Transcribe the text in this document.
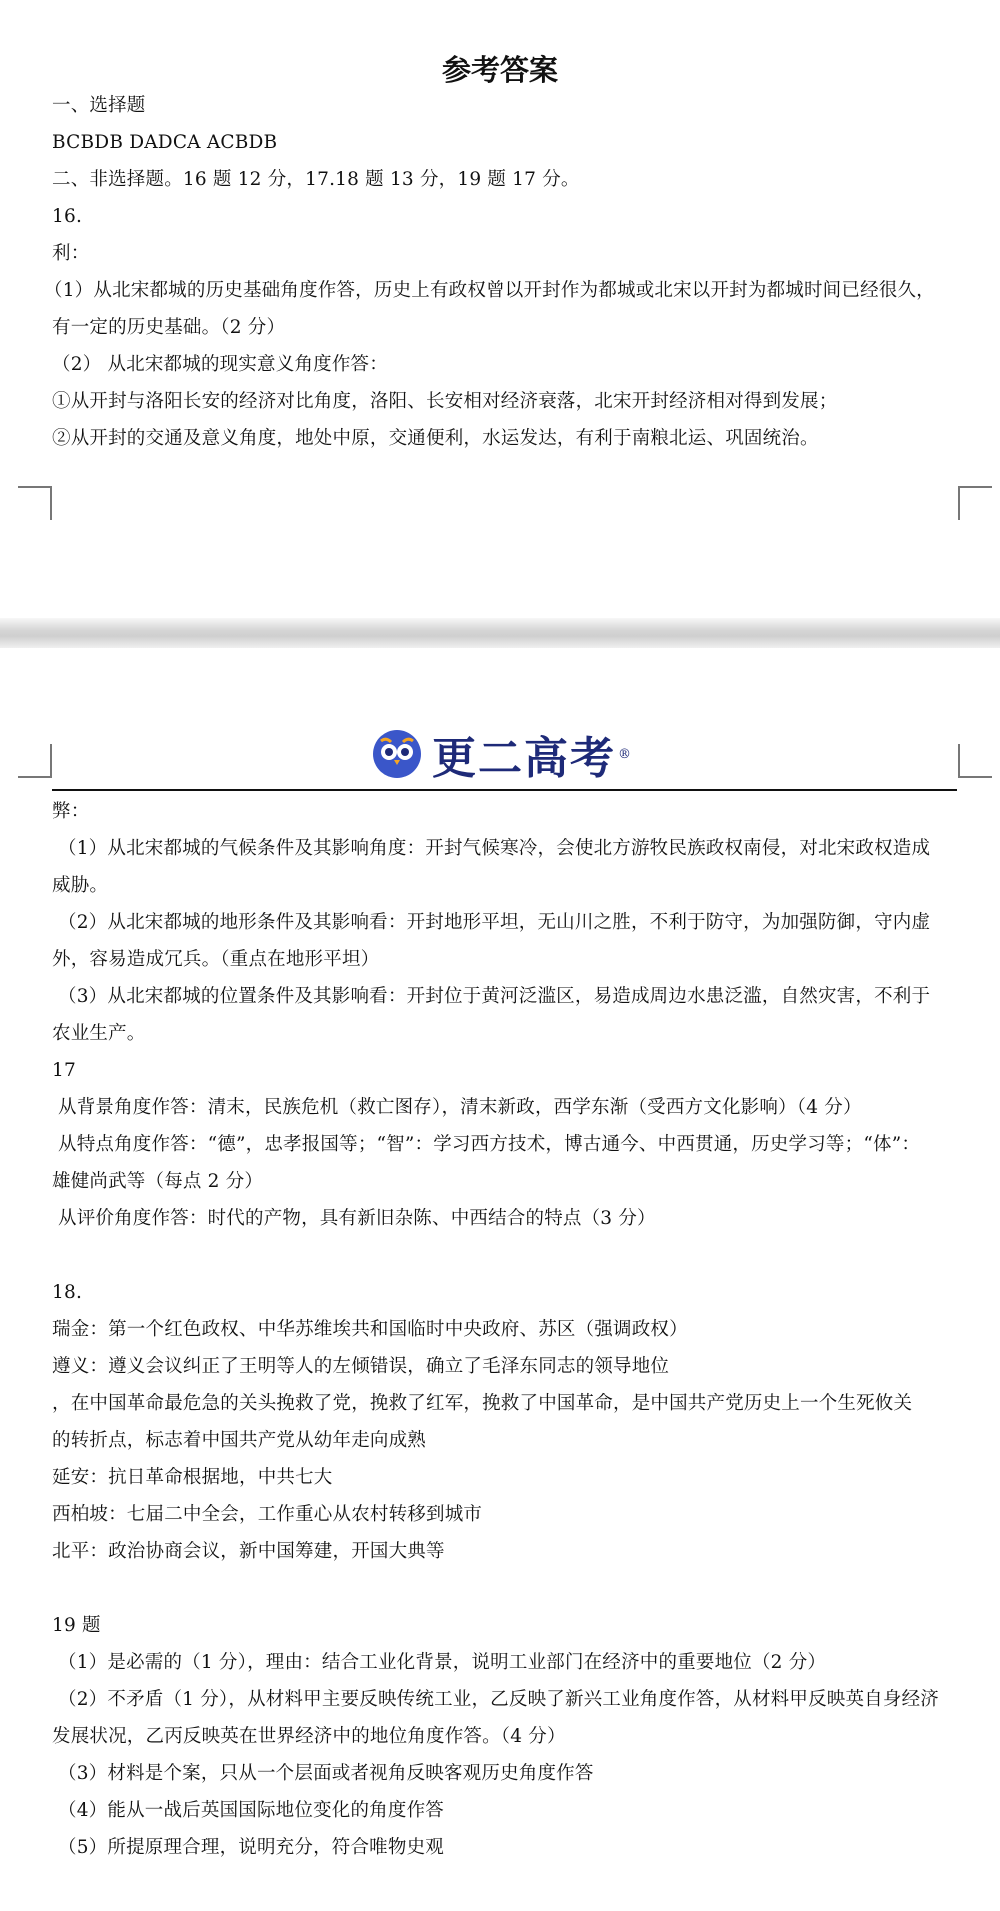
参考答案
一、选择题
BCBDB DADCA ACBDB
二、非选择题。16 题 12 分，17.18 题 13 分，19 题 17 分。
16.
利：
（1）从北宋都城的历史基础角度作答，历史上有政权曾以开封作为都城或北宋以开封为都城时间已经很久，
有一定的历史基础。（2 分）
（2） 从北宋都城的现实意义角度作答：
①从开封与洛阳长安的经济对比角度，洛阳、长安相对经济衰落，北宋开封经济相对得到发展；
②从开封的交通及意义角度，地处中原，交通便利，水运发达，有利于南粮北运、巩固统治。
更二高考 ®
弊：
（1）从北宋都城的气候条件及其影响角度：开封气候寒冷，会使北方游牧民族政权南侵，对北宋政权造成
威胁。
（2）从北宋都城的地形条件及其影响看：开封地形平坦，无山川之胜，不利于防守，为加强防御，守内虚
外，容易造成冗兵。（重点在地形平坦）
（3）从北宋都城的位置条件及其影响看：开封位于黄河泛滥区，易造成周边水患泛滥，自然灾害，不利于
农业生产。
17
从背景角度作答：清末，民族危机（救亡图存），清末新政，西学东渐（受西方文化影响）（4 分）
从特点角度作答：“德”，忠孝报国等；“智”：学习西方技术，博古通今、中西贯通，历史学习等；“体”：
雄健尚武等（每点 2 分）
从评价角度作答：时代的产物，具有新旧杂陈、中西结合的特点（3 分）
18.
瑞金：第一个红色政权、中华苏维埃共和国临时中央政府、苏区（强调政权）
遵义：遵义会议纠正了王明等人的左倾错误，确立了毛泽东同志的领导地位
，在中国革命最危急的关头挽救了党，挽救了红军，挽救了中国革命，是中国共产党历史上一个生死攸关
的转折点，标志着中国共产党从幼年走向成熟
延安：抗日革命根据地，中共七大
西柏坡：七届二中全会，工作重心从农村转移到城市
北平：政治协商会议，新中国筹建，开国大典等
19 题
（1）是必需的（1 分），理由：结合工业化背景，说明工业部门在经济中的重要地位（2 分）
（2）不矛盾（1 分），从材料甲主要反映传统工业，乙反映了新兴工业角度作答，从材料甲反映英自身经济
发展状况，乙丙反映英在世界经济中的地位角度作答。（4 分）
（3）材料是个案，只从一个层面或者视角反映客观历史角度作答
（4）能从一战后英国国际地位变化的角度作答
（5）所提原理合理，说明充分，符合唯物史观
